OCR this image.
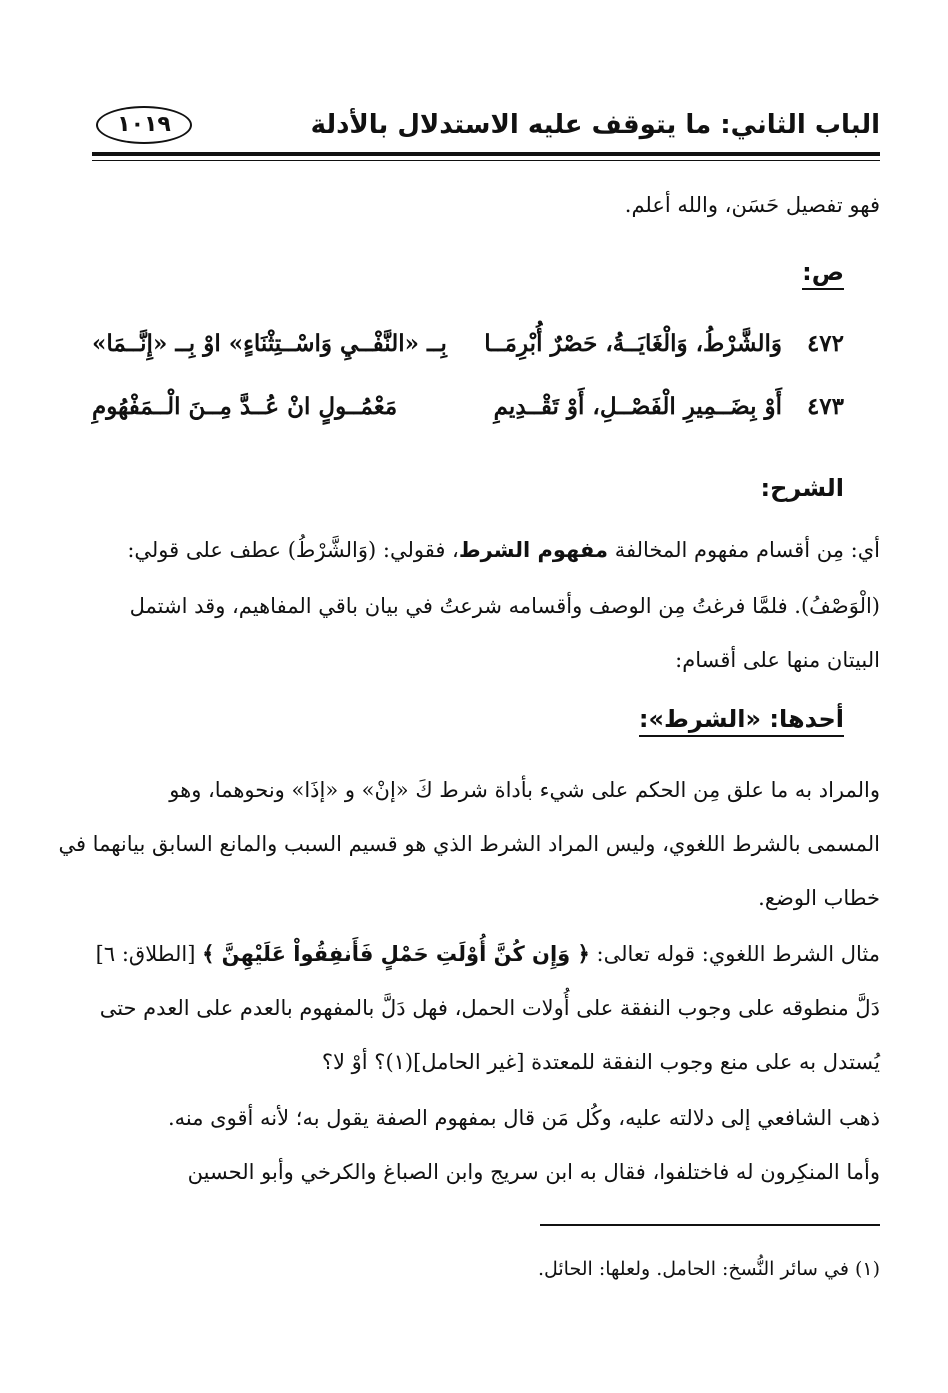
الباب الثاني: ما يتوقف عليه الاستدلال بالأدلة
١٠١٩
فهو تفصيل حَسَن، والله أعلم.
ص:
٤٧٢
وَالشَّرْطُ، وَالْغَايَــةُ، حَصْرٌ أُبْرِمَــا
بِــ «النَّفْــيِ وَاسْــتِثْنَاءٍ» اوْ بِــ «إِنَّــمَا»
٤٧٣
أَوْ بِضَــمِيرِ الْفَصْــلِ، أَوْ تَقْــدِيمِ
مَعْمُــولٍ انْ عُــدَّ مِــنَ الْــمَفْهُومِ
الشرح:
أي: مِن أقسام مفهوم المخالفة مفهوم الشرط، فقولي: (وَالشَّرْطُ) عطف على قولي:
(الْوَصْفُ). فلمَّا فرغتُ مِن الوصف وأقسامه شرعتُ في بيان باقي المفاهيم، وقد اشتمل
البيتان منها على أقسام:
أحدها: «الشرط»:
والمراد به ما علق مِن الحكم على شيء بأداة شرط كَ «إنْ» و «إذَا» ونحوهما، وهو
المسمى بالشرط اللغوي، وليس المراد الشرط الذي هو قسيم السبب والمانع السابق بيانهما في
خطاب الوضع.
مثال الشرط اللغوي: قوله تعالى: ﴿ وَإِن كُنَّ أُوْلَتِ حَمْلٍ فَأَنفِقُواْ عَلَيْهِنَّ ﴾ [الطلاق: ٦]
دَلَّ منطوقه على وجوب النفقة على أُولات الحمل، فهل دَلَّ بالمفهوم بالعدم على العدم حتى
يُستدل به على منع وجوب النفقة للمعتدة [غير الحامل](١)؟ أوْ لا؟
ذهب الشافعي إلى دلالته عليه، وكُل مَن قال بمفهوم الصفة يقول به؛ لأنه أقوى منه.
وأما المنكِرون له فاختلفوا، فقال به ابن سريج وابن الصباغ والكرخي وأبو الحسين
(١) في سائر النُّسخ: الحامل. ولعلها: الحائل.
